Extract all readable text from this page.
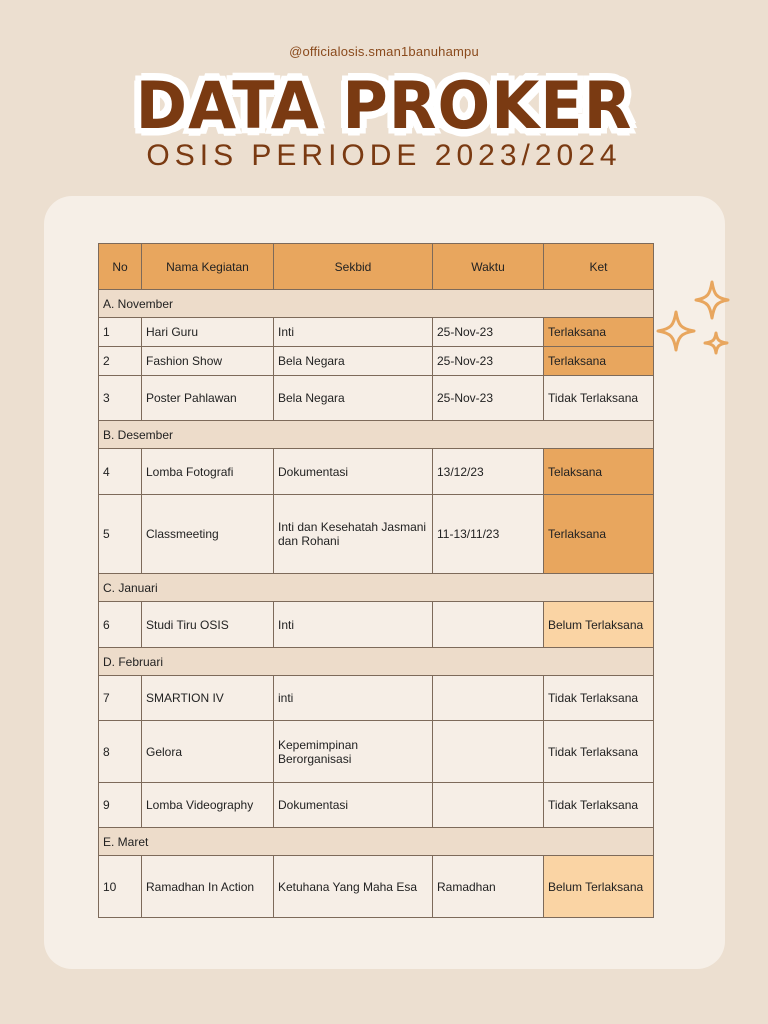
@officialosis.sman1banuhampu
DATA PROKER
OSIS PERIODE 2023/2024
No	Nama Kegiatan	Sekbid	Waktu	Ket
A. November				
1	Hari Guru	Inti	25-Nov-23	Terlaksana
2	Fashion Show	Bela Negara	25-Nov-23	Terlaksana
3	Poster Pahlawan	Bela Negara	25-Nov-23	Tidak Terlaksana
B. Desember				
4	Lomba Fotografi	Dokumentasi	13/12/23	Telaksana
5	Classmeeting	Inti dan Kesehatah Jasmani dan Rohani	11-13/11/23	Terlaksana
C. Januari				
6	Studi Tiru OSIS	Inti		Belum Terlaksana
D. Februari				
7	SMARTION IV	inti		Tidak Terlaksana
8	Gelora	Kepemimpinan Berorganisasi		Tidak Terlaksana
9	Lomba Videography	Dokumentasi		Tidak Terlaksana
E. Maret				
10	Ramadhan In Action	Ketuhana Yang Maha Esa	Ramadhan	Belum Terlaksana
